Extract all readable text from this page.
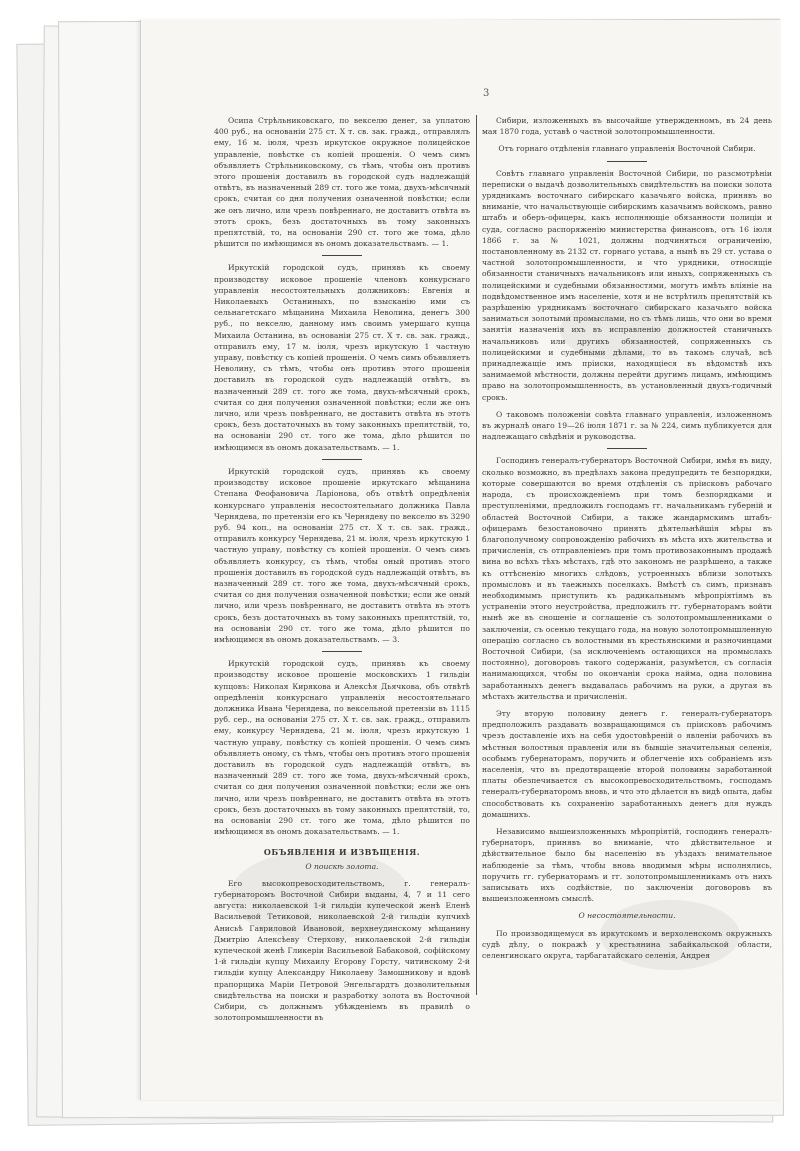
3

Осипа Стрѣльниковскаго, по векселю денег, за уплатою 400 руб., на основаніи 275 ст. Х т. св. зак. гражд., отправлялъ ему, 16 м. іюля, чрезъ иркутское окружное полицейское управленіе, повѣстке съ копіей прошенія. О чемъ симъ объявляетъ Стрѣльниковскому, съ тѣмъ, чтобы онъ противъ этого прошенія доставилъ въ городской судъ надлежащій отвѣтъ, въ назначенный 289 ст. того же тома, двухъ-мѣсячный срокъ, считая со дня получения означенной повѣстки; если же онъ лично, или чрезъ повѣреннаго, не доставитъ отвѣта въ этотъ срокъ, безъ достаточныхъ въ тому законныхъ препятствій, то, на основаніи 290 ст. того же тома, дѣло рѣшится по имѣющимся въ ономъ доказательствамъ. — 1.

Иркутскій городской судъ, принявъ къ своему производству исковое прошеніе членовъ конкурснаго управленія несостоятельныхъ должниковъ: Евгенія и Николаевыхъ Останиныхъ, по взысканію ими съ сельнагетскаго мѣщанина Михаила Неволина, денегъ 300 руб., по векселю, данному имъ своимъ умершаго купца Михаила Останина, въ основаніи 275 ст. Х т. св. зак. гражд., отправилъ ему, 17 м. іюля, чрезъ иркутскую 1 частную управу, повѣстку съ копіей прошенія. О чемъ симъ объявляетъ Неволину, съ тѣмъ, чтобы онъ противъ этого прошенія доставилъ въ городской судъ надлежащій отвѣтъ, въ назначенный 289 ст. того же тома, двухъ-мѣсячный срокъ, считая со дня получения означенной повѣстки; если же онъ лично, или чрезъ повѣреннаго, не доставитъ отвѣта въ этотъ срокъ, безъ достаточныхъ въ тому законныхъ препятствій, то, на основаніи 290 ст. того же тома, дѣло рѣшится по имѣющимся въ ономъ доказательствамъ. — 1.

Иркутскій городской судъ, принявъ къ своему производству исковое прошеніе иркутскаго мѣщанина Степана Феофановича Ларіонова, объ отвѣтѣ опредѣленія конкурснаго управленія несостоятельнаго должника Павла Чернядева, по претензіи его къ Чернядеву по векселю въ 3290 руб. 94 коп., на основаніи 275 ст. Х т. св. зак. гражд., отправилъ конкурсу Чернядева, 21 м. іюля, чрезъ иркутскую 1 частную управу, повѣстку съ копіей прошенія. О чемъ симъ объявляетъ конкурсу, съ тѣмъ, чтобы оный противъ этого прошенія доставилъ въ городской судъ надлежащій отвѣтъ, въ назначенный 289 ст. того же тома, двухъ-мѣсячный срокъ, считая со дня получения означенной повѣстки; если же оный лично, или чрезъ повѣреннаго, не доставитъ отвѣта въ этотъ срокъ, безъ достаточныхъ въ тому законныхъ препятствій, то, на основаніи 290 ст. того же тома, дѣло рѣшится по имѣющимся въ ономъ доказательствамъ. — 3.

Иркутскій городской судъ, принявъ къ своему производству исковое прошеніе московскихъ 1 гильдіи купцовъ: Николая Кирякова и Алексѣя Дьячкова, объ отвѣтѣ опредѣленія конкурснаго управленія несостоятельнаго должника Ивана Чернядева, по вексельной претензіи въ 1115 руб. сер., на основаніи 275 ст. Х т. св. зак. гражд., отправилъ ему, конкурсу Чернядева, 21 м. іюля, чрезъ иркутскую 1 частную управу, повѣстку съ копіей прошенія. О чемъ симъ объявляетъ оному, съ тѣмъ, чтобы онъ противъ этого прошенія доставилъ въ городской судъ надлежащій отвѣтъ, въ назначенный 289 ст. того же тома, двухъ-мѣсячный срокъ, считая со дня получения означенной повѣстки; если же онъ лично, или чрезъ повѣреннаго, не доставитъ отвѣта въ этотъ срокъ, безъ достаточныхъ въ тому законныхъ препятствій, то, на основаніи 290 ст. того же тома, дѣло рѣшится по имѣющимся въ ономъ доказательствамъ. — 1.

ОБЪЯВЛЕНІЯ И ИЗВѢЩЕНІЯ.
О поискѣ золота.

Его высокопревосходительствомъ, г. генералъ-губернаторомъ Восточной Сибири выданы, 4, 7 и 11 сего августа: николаевской 1-й гильдіи купеческой женѣ Еленѣ Васильевой Тетиковой, николаевской 2-й гильдіи купчихѣ Анисьѣ Гавриловой Ивановой, верхнеудинскому мѣщанину Дмитрію Алексѣеву Стерхову, николаевской 2-й гильдіи купеческой женѣ Гликеріи Васильевой Бабаковой, софійскому 1-й гильдіи купцу Михаилу Егорову Горсту, читинскому 2-й гильдіи купцу Александру Николаеву Замошникову и вдовѣ прапорщика Маріи Петровой Энгельгардтъ дозволительныя свидѣтельства на поиски и разработку золота въ Восточной Сибири, съ должнымъ убѣжденіемъ въ правилѣ о золотопромышленности въ

Сибири, изложенныхъ въ высочайше утвержденномъ, въ 24 день мая 1870 года, уставѣ о частной золотопромышленности.

Отъ горнаго отдѣленія главнаго управленія Восточной Сибири.

Совѣтъ главнаго управленія Восточной Сибири, по разсмотрѣніи переписки о выдачѣ дозволительныхъ свидѣтельствъ на поиски золота урядникамъ восточнаго сибирскаго казачьяго войска, принявъ во вниманіе, что начальствующіе сибирскимъ казачьимъ войскомъ, равно штабъ и оберъ-офицеры, какъ исполняющіе обязанности полиціи и суда, согласно распоряженію министерства финансовъ, отъ 16 іюля 1866 г. за № 1021, должны подчиняться ограниченію, постановленному въ 2132 ст. горнаго устава, а нынѣ въ 29 ст. устава о частной золотопромышленности, и что урядники, относящіе обязанности станичныхъ начальниковъ или иныхъ, сопряженныхъ съ полицейскими и судебными обязанностями, могутъ имѣть вліяніе на подвѣдомственное имъ населеніе, хотя и не встрѣтилъ препятствій къ разрѣшенію урядникамъ восточнаго сибирскаго казачьяго войска заниматься золотыми промыслами, но съ тѣмъ лишь, что они во время занятія назначенія ихъ въ исправленію должностей станичныхъ начальниковъ или другихъ обязанностей, сопряженныхъ съ полицейскими и судебными дѣлами, то въ такомъ случаѣ, всѣ принадлежащіе имъ пріиски, находящіеся въ вѣдомствѣ ихъ занимаемой мѣстности, должны перейти другимъ лицамъ, имѣющимъ право на золотопромышленность, въ установленный двухъ-годичный срокъ.

О таковомъ положеніи совѣта главнаго управленія, изложенномъ въ журналѣ онаго 19—26 іюля 1871 г. за № 224, симъ публикуется для надлежащаго свѣдѣнія и руководства.

Господинъ генералъ-губернаторъ Восточной Сибири, имѣя въ виду, сколько возможно, въ предѣлахъ закона предупредить те безпорядки, которые совершаются во время отдѣленія съ пріисковъ рабочаго народа, съ происхожденіемъ при томъ безпорядками и преступленіями, предложилъ господамъ гг. начальникамъ губерній и областей Восточной Сибири, а также жандармскимъ штабъ-офицерамъ безостановочно принять дѣятельнѣйшія мѣры въ благополучному сопровожденію рабочихъ въ мѣста ихъ жительства и причисленія, съ отправленіемъ при томъ противозаконнымъ продажѣ вина во всѣхъ тѣхъ мѣстахъ, гдѣ это закономъ не разрѣшено, а также къ оттѣсненію многихъ слѣдовъ, устроенныхъ вблизи золотыхъ промысловъ и въ таежныхъ поселкахъ. Вмѣстѣ съ симъ, признавъ необходимымъ приступить къ радикальнымъ мѣропріятіямъ въ устраненіи этого неустройства, предложилъ гг. губернаторамъ войти нынѣ же въ сношеніе и соглашеніе съ золотопромышленниками о заключеніи, съ осенью текущаго года, на новую золотопромышленную операцію согласно съ волостными въ крестьянскими и разночинцами Восточной Сибири, (за исключеніемъ остающихся на промыслахъ постоянно), договоровъ такого содержанія, разумѣется, съ согласія нанимающихся, чтобы по окончаніи срока найма, одна половина заработанныхъ денегъ выдавалась рабочимъ на руки, а другая въ мѣстахъ жительства и причисленія.

Эту вторую половину денегъ г. генералъ-губернаторъ предположилъ раздавать возвращающимся съ пріисковъ рабочимъ чрезъ доставленіе ихъ на себя удостовѣреній о явленіи рабочихъ въ мѣстныя волостныя правленія или въ бывшіе значительныя селенія, особымъ губернаторамъ, поручить и облегченіе ихъ собраніемъ изъ населенія, что въ предотвращеніе второй половины заработанной платы обезпечивается съ высокопревосходительствомъ, господамъ генералъ-губернаторомъ вновь, и что это дѣлается въ видѣ опыта, дабы способствовать къ сохраненію заработанныхъ денегъ для нуждъ домашнихъ.

Независимо вышеизложенныхъ мѣропріятій, господинъ генералъ-губернаторъ, принявъ во вниманіе, что дѣйствительное и дѣйствительное было бы населенію въ уѣздахъ внимательное наблюденіе за тѣмъ, чтобы вновь вводимыя мѣры исполнялись, поручить гг. губернаторамъ и гг. золотопромышленникамъ отъ нихъ записывать ихъ содѣйствіе, по заключеніи договоровъ въ вышеизложенномъ смыслѣ.

О несостоятельности.

По производящемуся въ иркутскомъ и верхоленскомъ окружныхъ судѣ дѣлу, о покражѣ у крестьянина забайкальской области, селенгинскаго округа, тарбагатайскаго селенія, Андрея
